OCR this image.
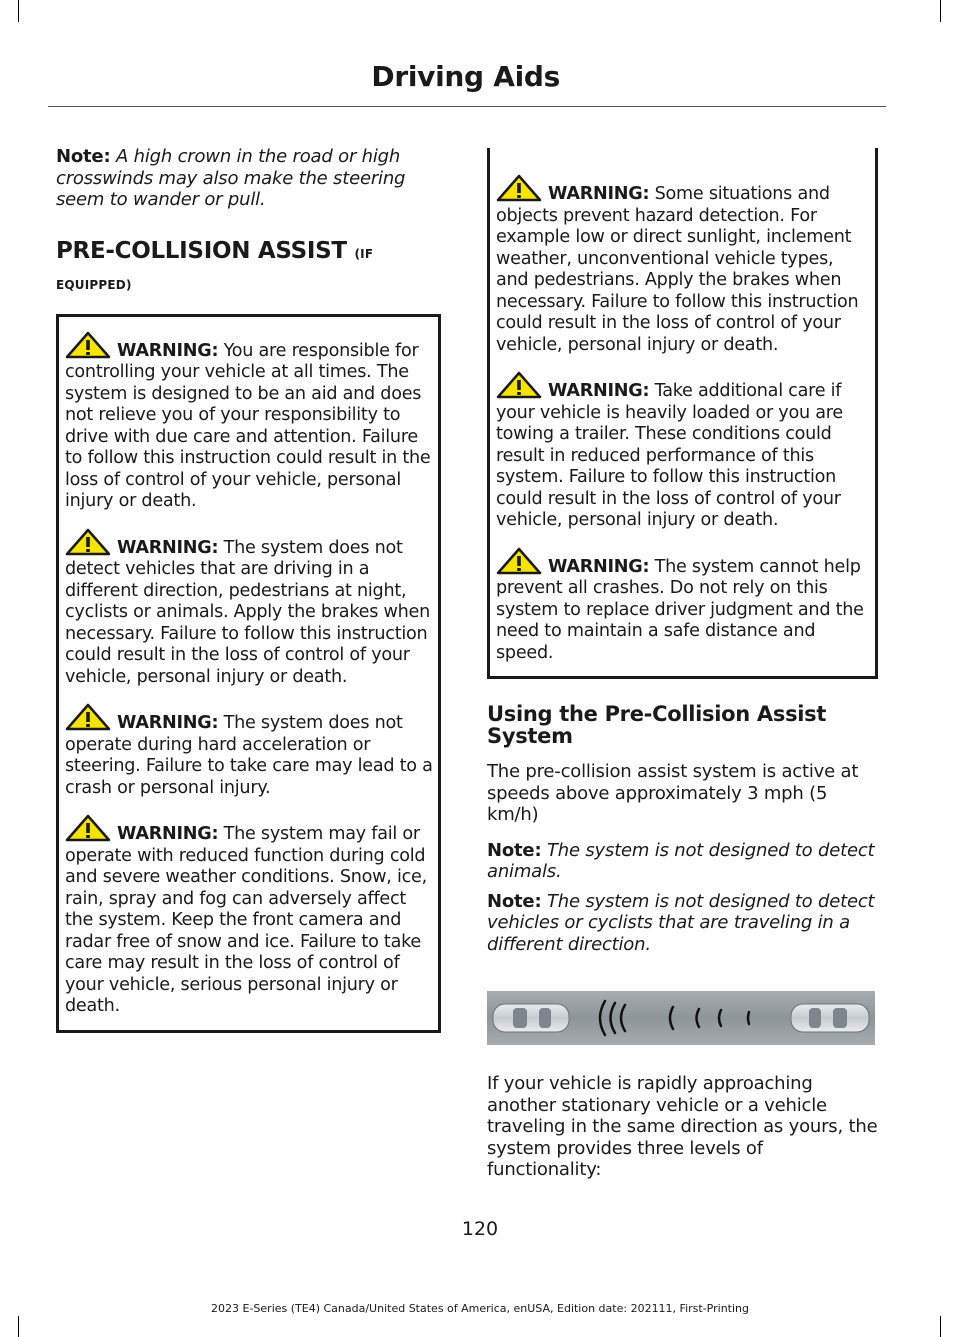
Driving Aids

Note: A high crown in the road or high crosswinds may also make the steering seem to wander or pull.

PRE-COLLISION ASSIST (IF
EQUIPPED)

WARNING: You are responsible for controlling your vehicle at all times. The system is designed to be an aid and does not relieve you of your responsibility to drive with due care and attention. Failure to follow this instruction could result in the loss of control of your vehicle, personal injury or death.

WARNING: The system does not detect vehicles that are driving in a different direction, pedestrians at night, cyclists or animals. Apply the brakes when necessary. Failure to follow this instruction could result in the loss of control of your vehicle, personal injury or death.

WARNING: The system does not operate during hard acceleration or steering. Failure to take care may lead to a crash or personal injury.

WARNING: The system may fail or operate with reduced function during cold and severe weather conditions. Snow, ice, rain, spray and fog can adversely affect the system. Keep the front camera and radar free of snow and ice. Failure to take care may result in the loss of control of your vehicle, serious personal injury or death.

WARNING: Some situations and objects prevent hazard detection. For example low or direct sunlight, inclement weather, unconventional vehicle types, and pedestrians. Apply the brakes when necessary. Failure to follow this instruction could result in the loss of control of your vehicle, personal injury or death.

WARNING: Take additional care if your vehicle is heavily loaded or you are towing a trailer. These conditions could result in reduced performance of this system. Failure to follow this instruction could result in the loss of control of your vehicle, personal injury or death.

WARNING: The system cannot help prevent all crashes. Do not rely on this system to replace driver judgment and the need to maintain a safe distance and speed.

Using the Pre-Collision Assist System

The pre-collision assist system is active at speeds above approximately 3 mph (5 km/h)

Note: The system is not designed to detect animals.

Note: The system is not designed to detect vehicles or cyclists that are traveling in a different direction.

If your vehicle is rapidly approaching another stationary vehicle or a vehicle traveling in the same direction as yours, the system provides three levels of functionality:

120
2023 E-Series (TE4) Canada/United States of America, enUSA, Edition date: 202111, First-Printing
